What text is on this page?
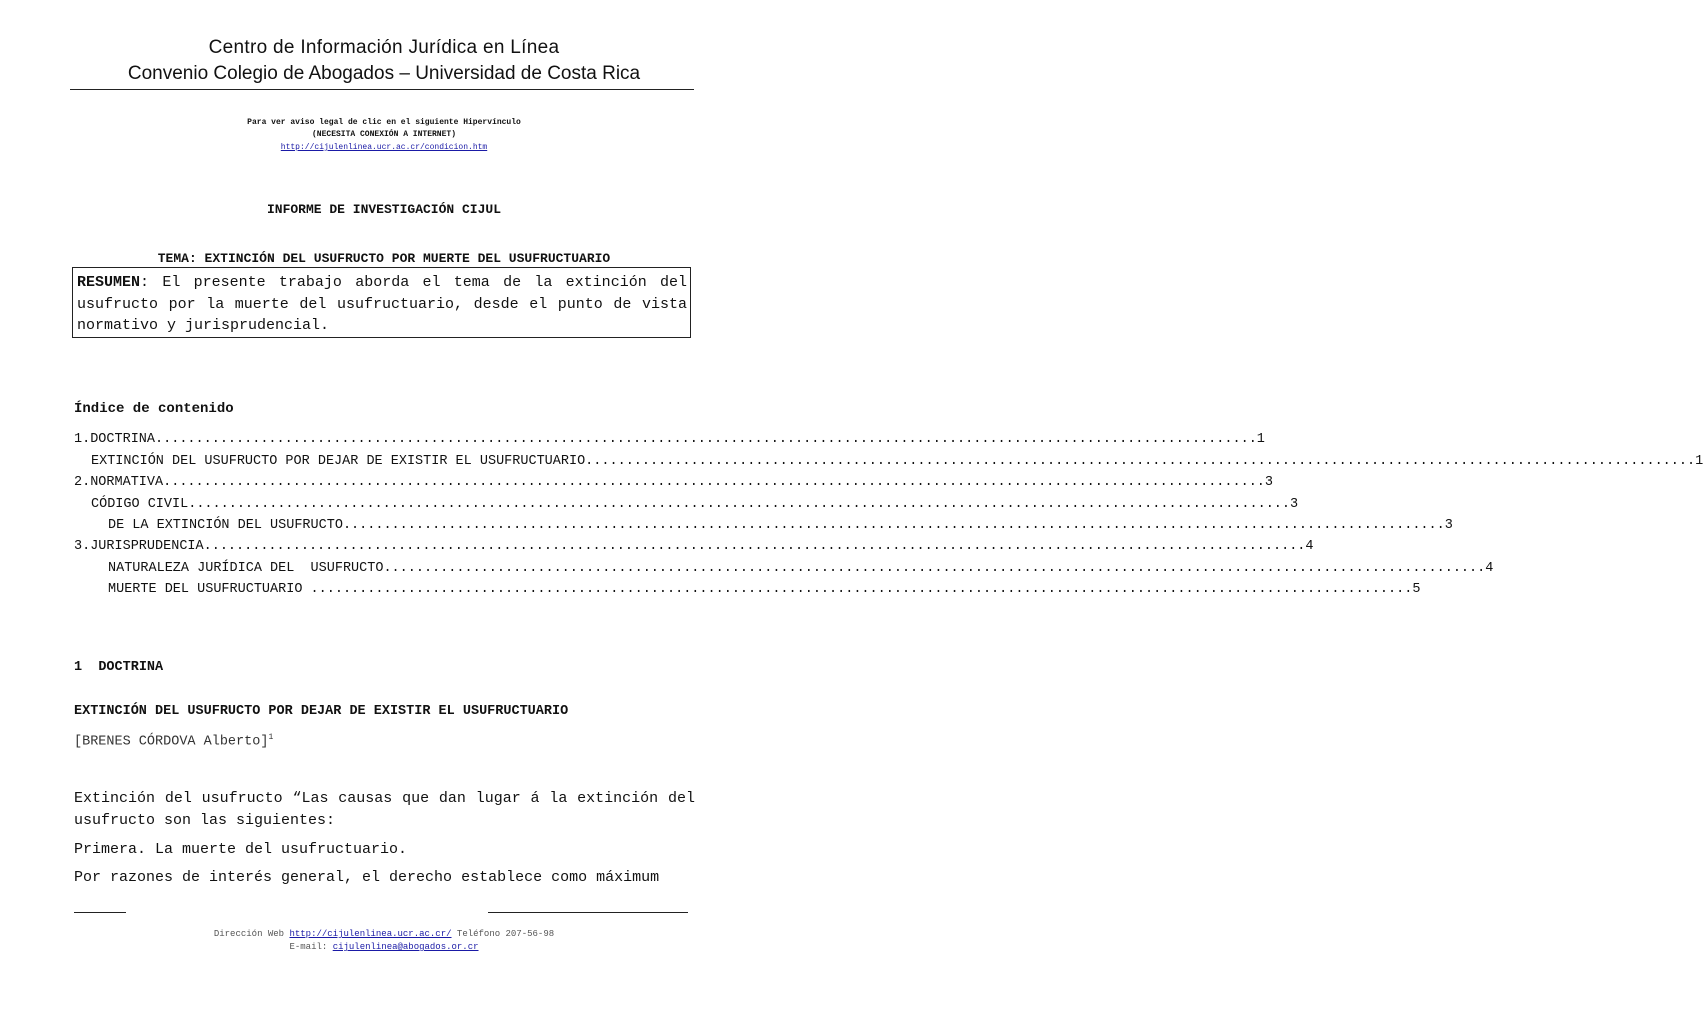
Centro de Información Jurídica en Línea
Convenio Colegio de Abogados – Universidad de Costa Rica
Para ver aviso legal de clic en el siguiente Hipervínculo
(NECESITA CONEXIÓN A INTERNET)
http://cijulenlinea.ucr.ac.cr/condicion.htm
INFORME DE INVESTIGACIÓN CIJUL
TEMA: EXTINCIÓN DEL USUFRUCTO POR MUERTE DEL USUFRUCTUARIO

RESUMEN: El presente trabajo aborda el tema de la extinción del usufructo por la muerte del usufructuario, desde el punto de vista normativo y jurisprudencial.

Índice de contenido
1.DOCTRINA ........................................................................................................................................ 1
EXTINCIÓN DEL USUFRUCTO POR DEJAR DE EXISTIR EL USUFRUCTUARIO. ........................................................................................................................................ 1
2.NORMATIVA ........................................................................................................................................ 3
CÓDIGO CIVIL ........................................................................................................................................ 3
DE LA EXTINCIÓN DEL USUFRUCTO ........................................................................................................................................ 3
3.JURISPRUDENCIA ........................................................................................................................................ 4
NATURALEZA JURÍDICA DEL  USUFRUCTO ........................................................................................................................................ 4
MUERTE DEL USUFRUCTUARIO ........................................................................................................................................ 5
1 DOCTRINA
EXTINCIÓN DEL USUFRUCTO POR DEJAR DE EXISTIR EL USUFRUCTUARIO
[BRENES CÓRDOVA Alberto]$^1$

Extinción del usufructo “Las causas que dan lugar á la extinción del usufructo son las siguientes:

Primera. La muerte del usufructuario.

Por razones de interés general, el derecho establece como máximum

Dirección Web http://cijulenlinea.ucr.ac.cr/ Teléfono 207-56-98
E-mail: cijulenlinea@abogados.or.cr
